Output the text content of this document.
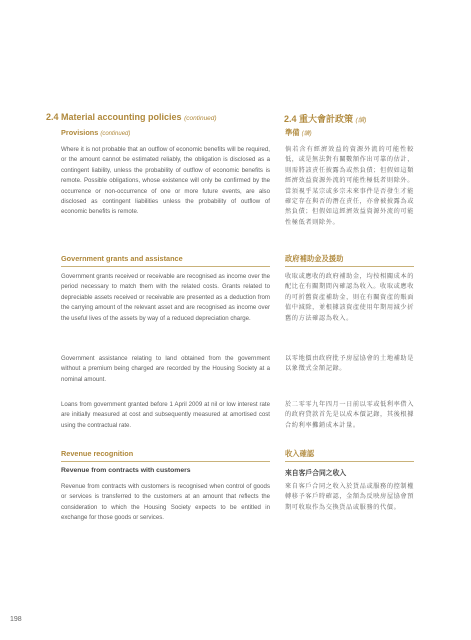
2.4 Material accounting policies (continued)
Provisions (continued)
Where it is not probable that an outflow of economic benefits will be required, or the amount cannot be estimated reliably, the obligation is disclosed as a contingent liability, unless the probability of outflow of economic benefits is remote. Possible obligations, whose existence will only be confirmed by the occurrence or non-occurrence of one or more future events, are also disclosed as contingent liabilities unless the probability of outflow of economic benefits is remote.
Government grants and assistance
Government grants received or receivable are recognised as income over the period necessary to match them with the related costs. Grants related to depreciable assets received or receivable are presented as a deduction from the carrying amount of the relevant asset and are recognised as income over the useful lives of the assets by way of a reduced depreciation charge.
Government assistance relating to land obtained from the government without a premium being charged are recorded by the Housing Society at a nominal amount.
Loans from government granted before 1 April 2009 at nil or low interest rate are initially measured at cost and subsequently measured at amortised cost using the contractual rate.
Revenue recognition
Revenue from contracts with customers
Revenue from contracts with customers is recognised when control of goods or services is transferred to the customers at an amount that reflects the consideration to which the Housing Society expects to be entitled in exchange for those goods or services.
2.4 重大會計政策 (續)
準備 (續)
倘若含有經濟效益的資源外流的可能性較低，或是無法對有關數額作出可靠的估計，則需將該責任披露為或然負債；但假如這類經濟效益資源外流的可能性極低者則除外。當須視乎某宗或多宗未來事件是否發生才能確定存在與否的潛在責任，亦會被披露為或然負債；但假如這經濟效益資源外流的可能性極低者則除外。
政府補助金及援助
收取或應收的政府補助金，均按相關成本的配比在有關期間內確認為收入。收取或應收的可折舊資產補助金，則在有關資產的賬面值中減除，並根據該資產使用年期用減少折舊的方法確認為收入。
以零地價由政府批予房屋協會的土地補助是以象徵式金額記錄。
於二零零九年四月一日前以零或低利率借入的政府貸款首先是以成本價記錄，其後根據合約利率攤銷成本計量。
收入確認
來自客戶合同之收入
來自客戶合同之收入於貨品或服務的控制權轉移予客戶時確認，金額為反映房屋協會預期可收取作為交換貨品或服務的代價。
198
